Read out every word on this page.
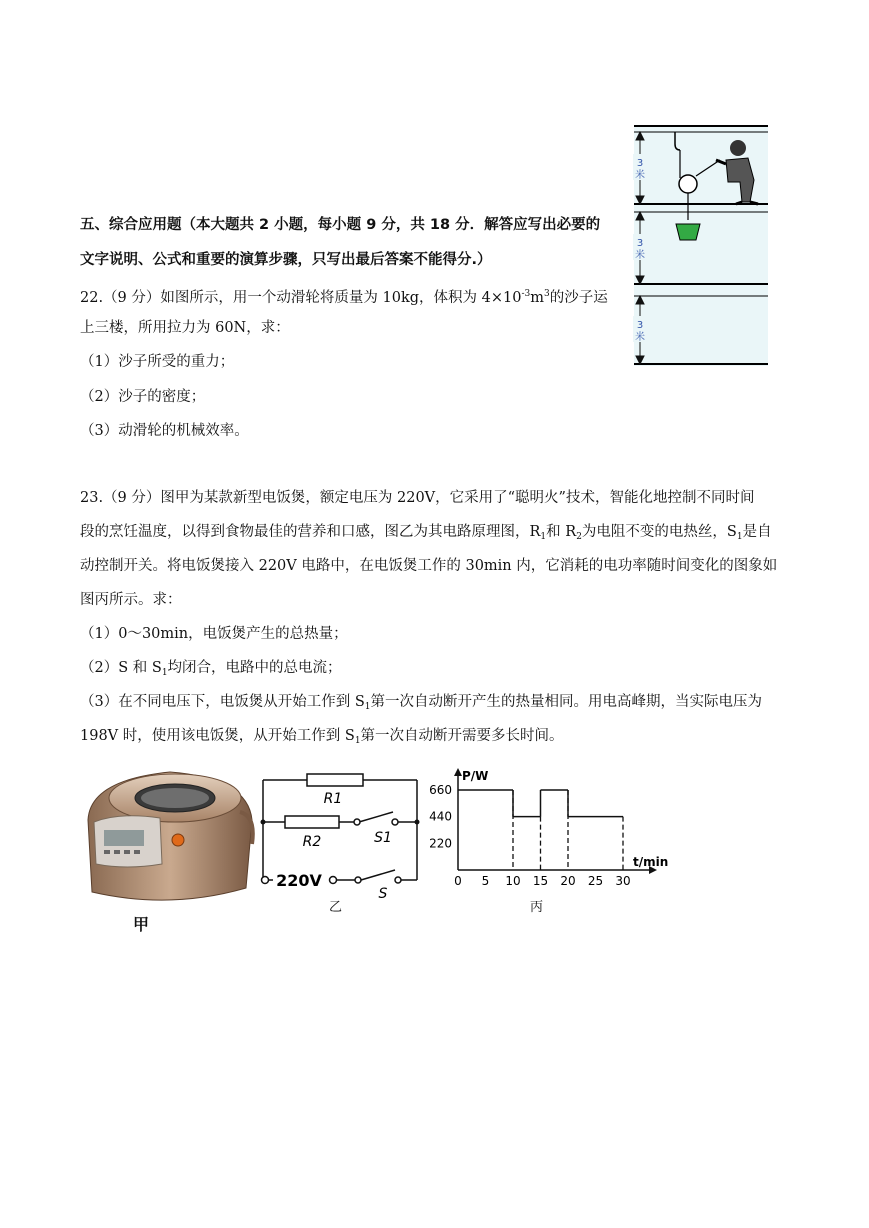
五、综合应用题（本大题共 2 小题，每小题 9 分，共 18 分．解答应写出必要的
文字说明、公式和重要的演算步骤，只写出最后答案不能得分.）
22.（9 分）如图所示，用一个动滑轮将质量为 10kg，体积为 $4\times 10^{-3}m^3$的沙子运
上三楼，所用拉力为 60N，求：
（1）沙子所受的重力；
（2）沙子的密度；
（3）动滑轮的机械效率。
3
米
3
米
3
米
23.（9 分）图甲为某款新型电饭煲，额定电压为 220V，它采用了“聪明火”技术，智能化地控制不同时间
段的烹饪温度，以得到食物最佳的营养和口感，图乙为其电路原理图，$R_1$和 $R_2$为电阻不变的电热丝，$S_1$是自
动控制开关。将电饭煲接入 220V 电路中，在电饭煲工作的 30min 内，它消耗的电功率随时间变化的图象如
图丙所示。求：
（1）0～30min，电饭煲产生的总热量；
（2）S 和 $S_1$均闭合，电路中的总电流；
（3）在不同电压下，电饭煲从开始工作到 $S_1$第一次自动断开产生的热量相同。用电高峰期，当实际电压为
198V 时，使用该电饭煲，从开始工作到 $S_1$第一次自动断开需要多长时间。
甲
R1
R2	S1
S
220V
乙
P/W
t/min
0 5 10 15 20 25 30
220
440
660
丙
